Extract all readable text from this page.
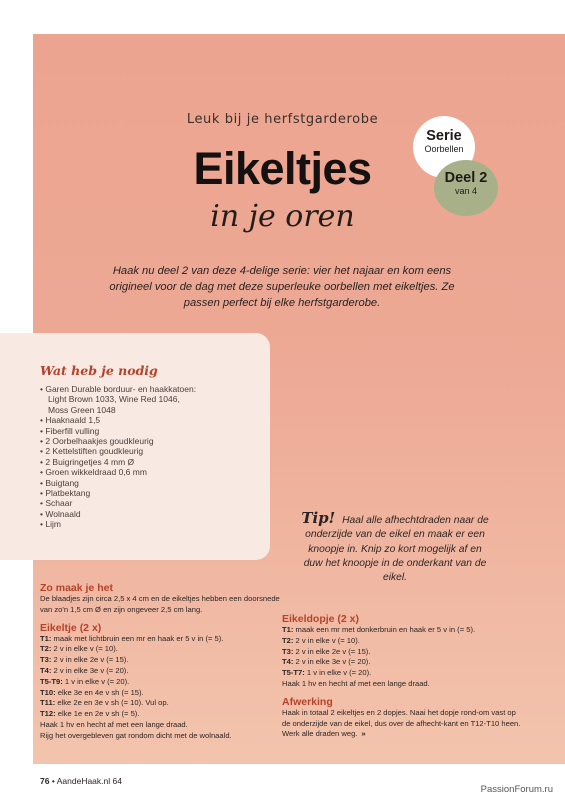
Leuk bij je herfstgarderobe
Eikeltjes
in je oren
Serie
Oorbellen
Deel 2
van 4
Haak nu deel 2 van deze 4-delige serie: vier het najaar en kom eens origineel voor de dag met deze superleuke oorbellen met eikeltjes. Ze passen perfect bij elke herfstgarderobe.
Wat heb je nodig
• Garen Durable borduur- en haakkatoen:
Light Brown 1033, Wine Red 1046,
Moss Green 1048
• Haaknaald 1,5
• Fiberfill vulling
• 2 Oorbelhaakjes goudkleurig
• 2 Kettelstiften goudkleurig
• 2 Buigringetjes 4 mm Ø
• Groen wikkeldraad 0,6 mm
• Buigtang
• Platbektang
• Schaar
• Wolnaald
• Lijm	Tip! Haal alle afhechtdraden naar de onderzijde van de eikel en maak er een knoopje in. Knip zo kort mogelijk af en duw het knoopje in de onderkant van de eikel.
Zo maak je het
De blaadjes zijn circa 2,5 x 4 cm en de eikeltjes hebben een doorsnede van zo'n 1,5 cm Ø en zijn ongeveer 2,5 cm lang.
Eikeltje (2 x)
T1: maak met lichtbruin een mr en haak er 5 v in (= 5).
T2: 2 v in elke v (= 10).
T3: 2 v in elke 2e v (= 15).
T4: 2 v in elke 3e v (= 20).
T5-T9: 1 v in elke v (= 20).
T10: elke 3e en 4e v sh (= 15).
T11: elke 2e en 3e v sh (= 10). Vul op.
T12: elke 1e en 2e v sh (= 5).
Haak 1 hv en hecht af met een lange draad.
Rijg het overgebleven gat rondom dicht met de wolnaald.
Eikeldopje (2 x)
T1: maak een mr met donkerbruin en haak er 5 v in (= 5).
T2: 2 v in elke v (= 10).
T3: 2 v in elke 2e v (= 15).
T4: 2 v in elke 3e v (= 20).
T5-T7: 1 v in elke v (= 20).
Haak 1 hv en hecht af met een lange draad.
Afwerking
Haak in totaal 2 eikeltjes en 2 dopjes. Naai het dopje rond-om vast op de onderzijde van de eikel, dus over de afhecht-kant en T12-T10 heen. Werk alle draden weg. »
76 • AandeHaak.nl 64
PassionForum.ru
